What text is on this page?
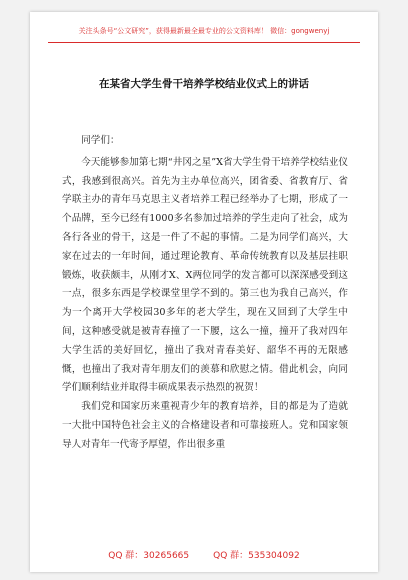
关注头条号“公文研究”，获得最新最全最专业的公文资料库！ 微信：gongwenyj
在某省大学生骨干培养学校结业仪式上的讲话

同学们：

今天能够参加第七期“井冈之星”X省大学生骨干培养学校结业仪式，我感到很高兴。首先为主办单位高兴，团省委、省教育厅、省学联主办的青年马克思主义者培养工程已经举办了七期，形成了一个品牌，至今已经有1000多名参加过培养的学生走向了社会，成为各行各业的骨干，这是一件了不起的事情。二是为同学们高兴，大家在过去的一年时间，通过理论教育、革命传统教育以及基层挂职锻炼，收获颇丰，从刚才X、X两位同学的发言都可以深深感受到这一点，很多东西是学校课堂里学不到的。第三也为我自己高兴，作为一个离开大学校园30多年的老大学生，现在又回到了大学生中间，这种感受就是被青春撞了一下腰，这么一撞，撞开了我对四年大学生活的美好回忆，撞出了我对青春美好、韶华不再的无限感慨，也撞出了我对青年朋友们的羡慕和欣慰之情。借此机会，向同学们顺利结业并取得丰硕成果表示热烈的祝贺！

我们党和国家历来重视青少年的教育培养，目的都是为了造就一大批中国特色社会主义的合格建设者和可靠接班人。党和国家领导人对青年一代寄予厚望，作出很多重

QQ 群：30265665	QQ 群：535304092
